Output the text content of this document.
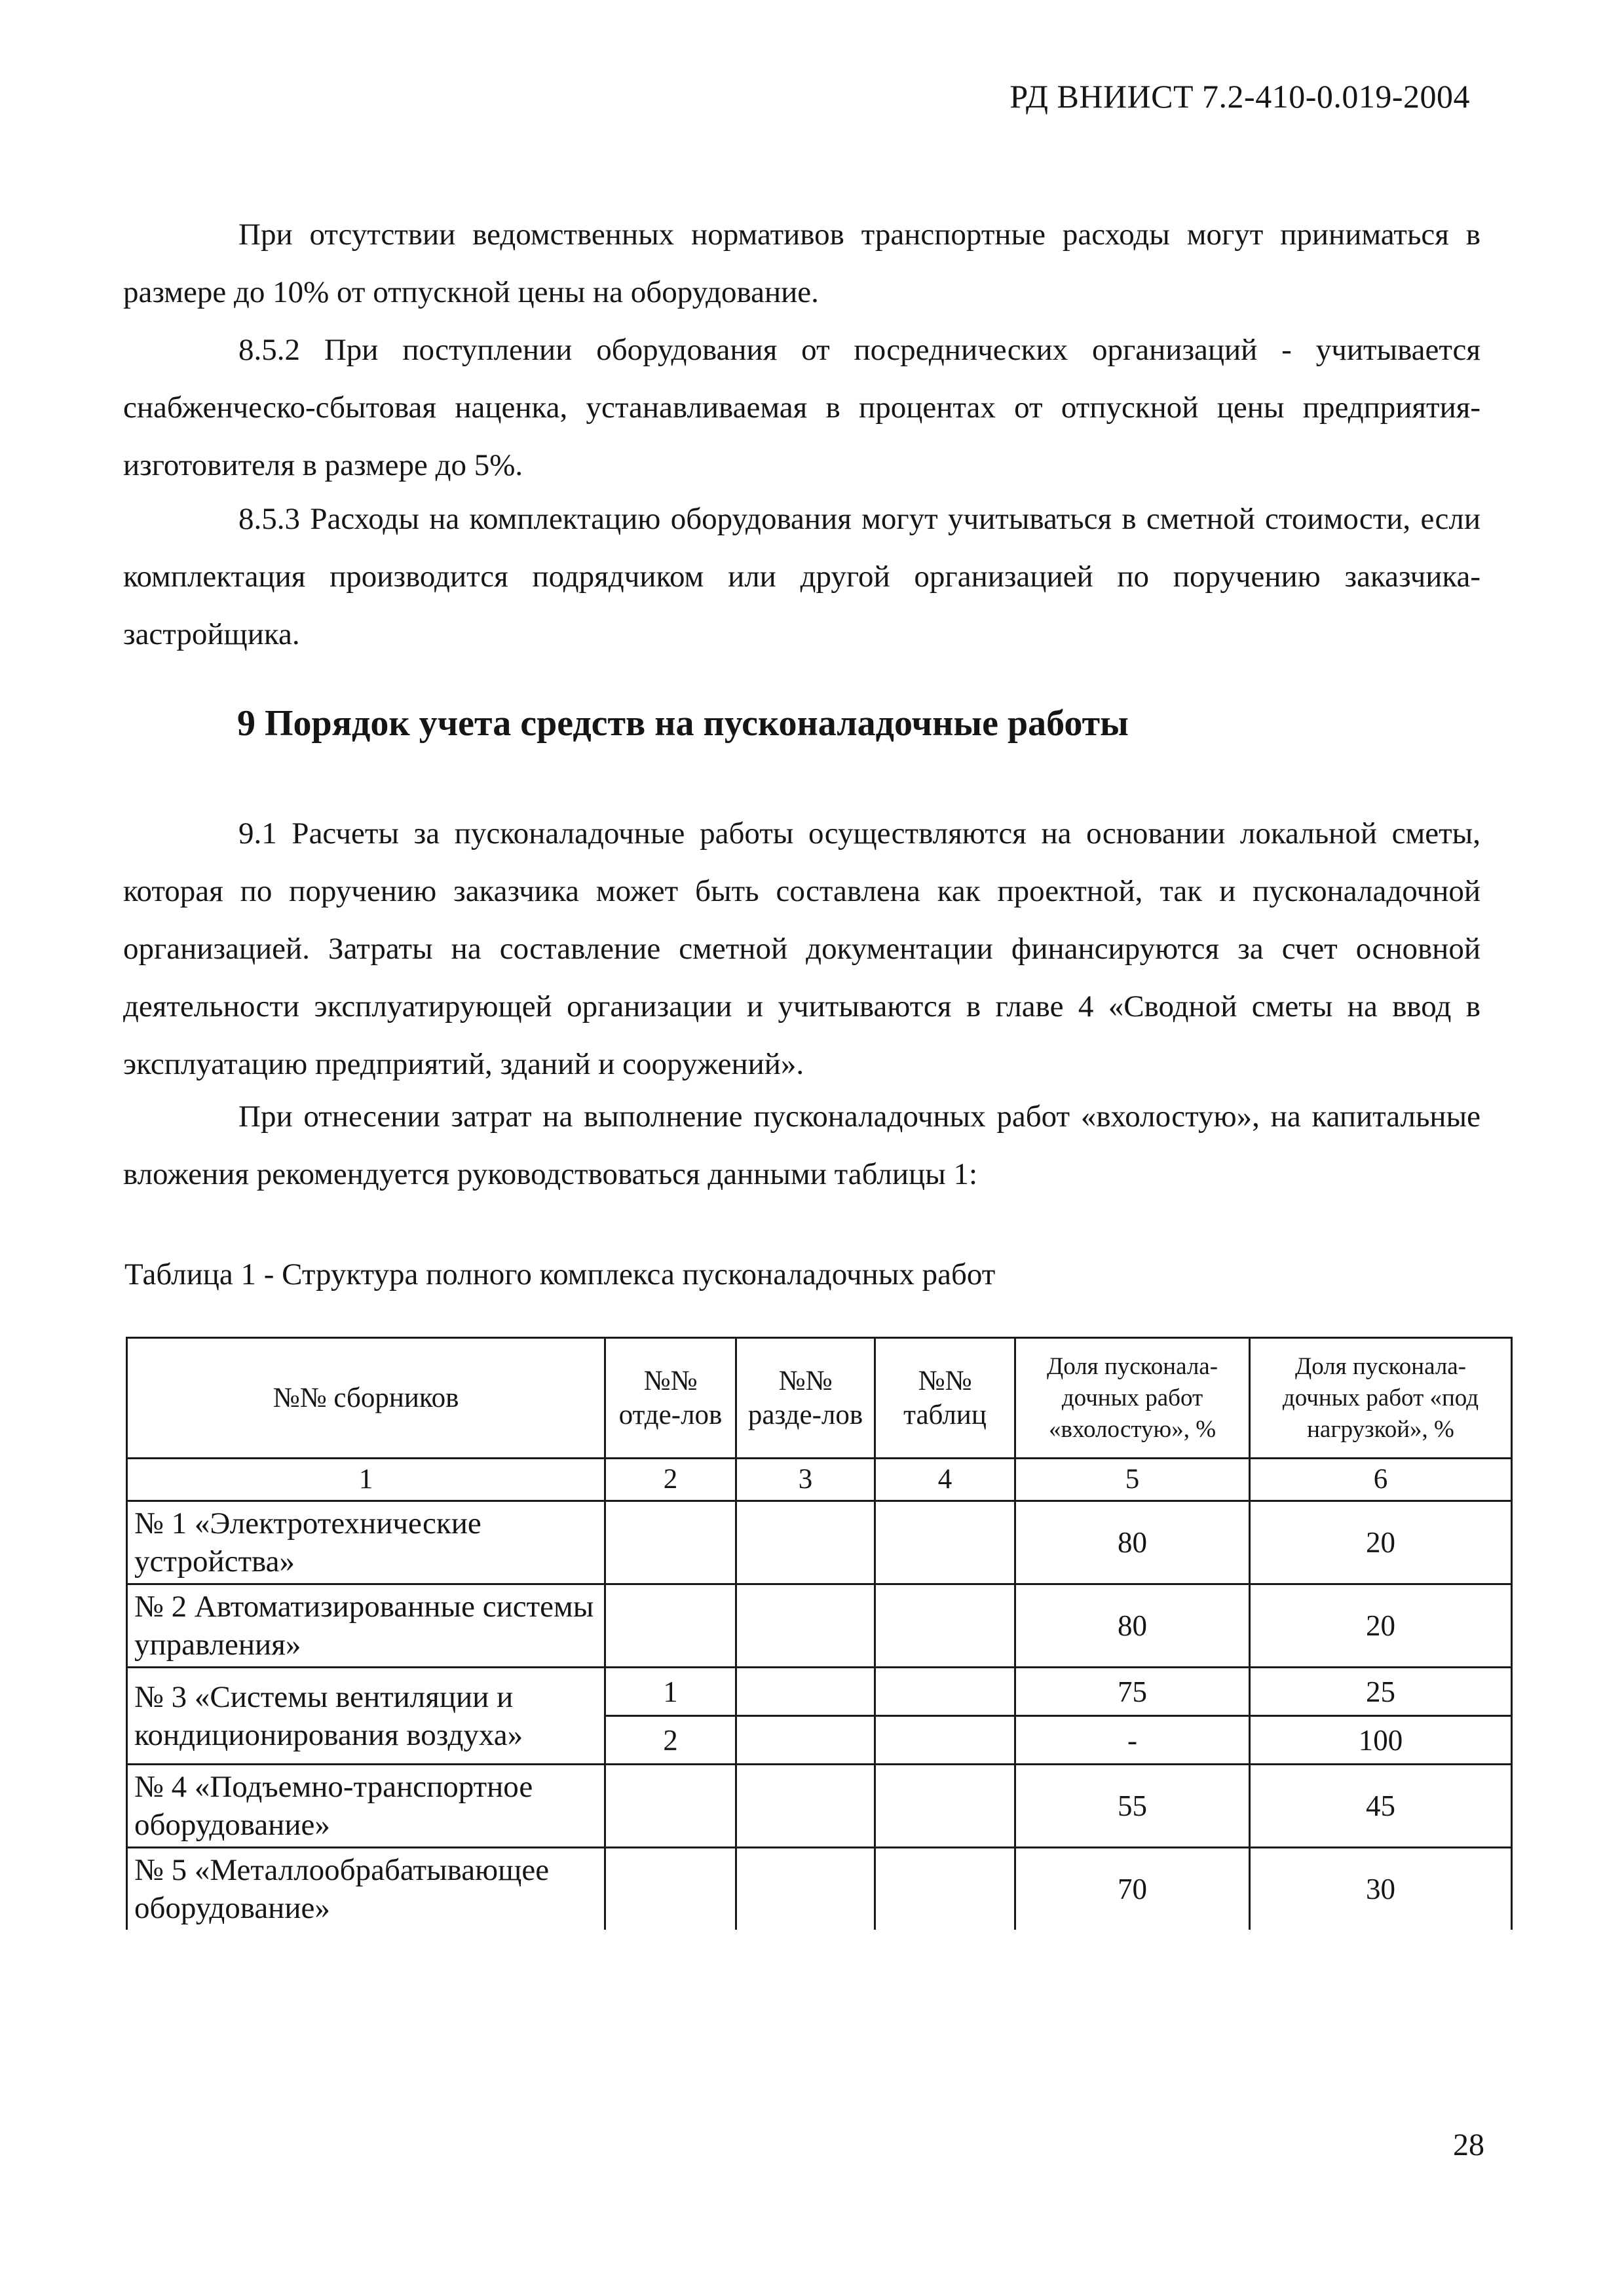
РД ВНИИСТ 7.2-410-0.019-2004

При отсутствии ведомственных нормативов транспортные расходы могут приниматься в размере до 10% от отпускной цены на оборудование.

8.5.2 При поступлении оборудования от посреднических организаций - учитывается снабженческо-сбытовая наценка, устанавливаемая в процентах от отпускной цены предприятия-изготовителя в размере до 5%.

8.5.3 Расходы на комплектацию оборудования могут учитываться в сметной стоимости, если комплектация производится подрядчиком или другой организацией по поручению заказчика-застройщика.

9 Порядок учета средств на пусконаладочные работы

9.1 Расчеты за пусконаладочные работы осуществляются на основании локальной сметы, которая по поручению заказчика может быть составлена как проектной, так и пусконаладочной организацией. Затраты на составление сметной документации финансируются за счет основной деятельности эксплуатирующей организации и учитываются в главе 4 «Сводной сметы на ввод в эксплуатацию предприятий, зданий и сооружений».

При отнесении затрат на выполнение пусконаладочных работ «вхолостую», на капитальные вложения рекомендуется руководствоваться данными таблицы 1:

Таблица 1 - Структура полного комплекса пусконаладочных работ

№№ сборников	№№ отде-лов	№№ разде-лов	№№ таблиц	Доля пусконала-дочных работ «вхолостую», %	Доля пусконала-дочных работ «под нагрузкой», %
1	2	3	4	5	6
№ 1 «Электротехнические устройства»				80	20
№ 2 Автоматизированные системы управления»				80	20
№ 3 «Системы вентиляции и кондиционирования воздуха»	1			75	25
	2			-	100
№ 4 «Подъемно-транспортное оборудование»				55	45
№ 5 «Металлообрабатывающее оборудование»				70	30
28
